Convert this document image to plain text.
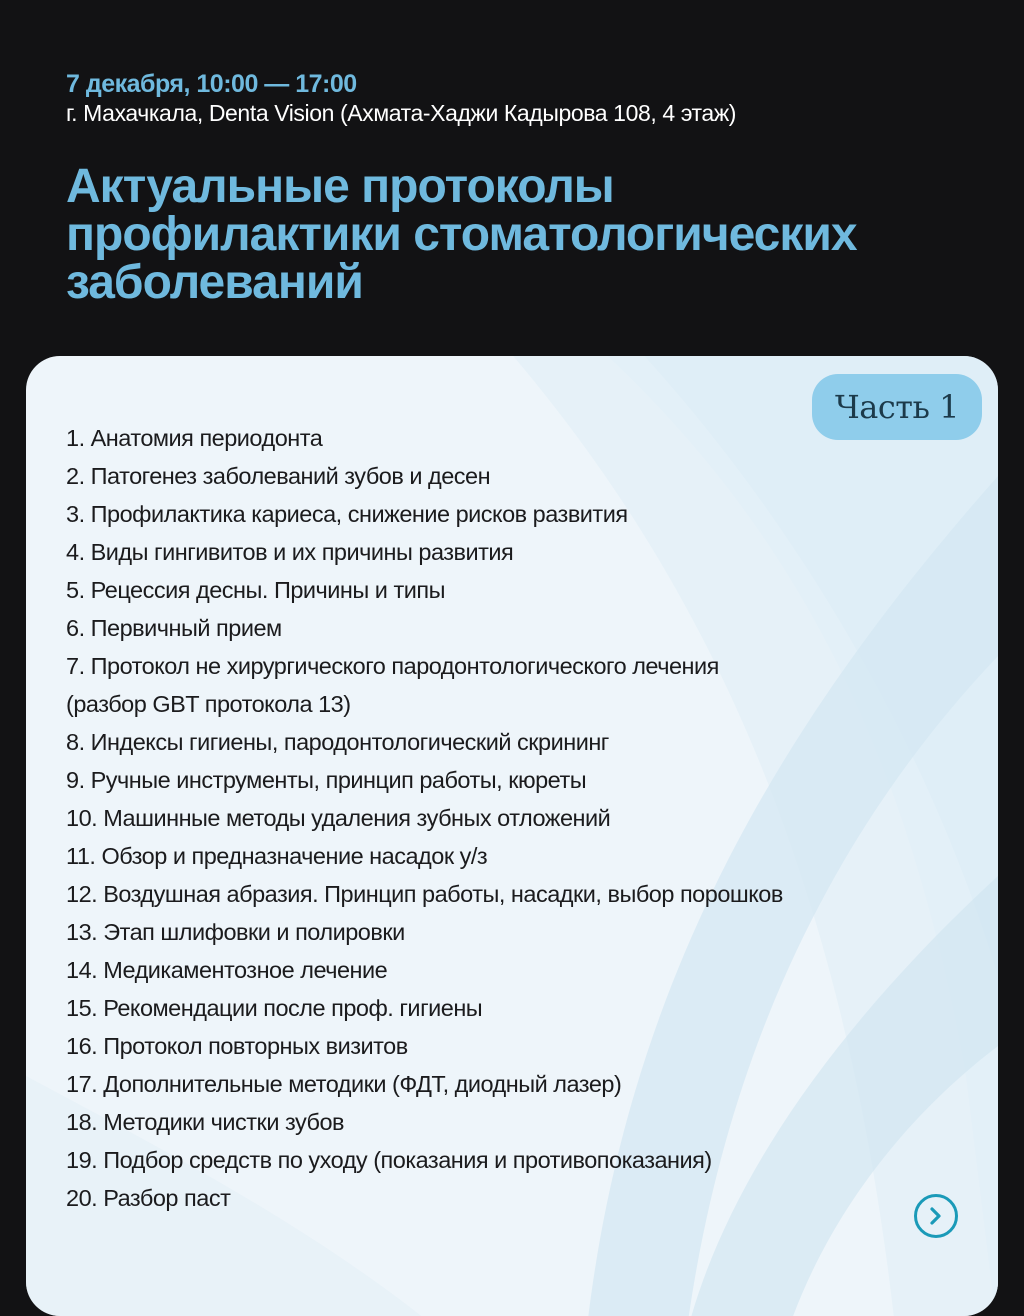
7 декабря, 10:00 — 17:00
г. Махачкала, Denta Vision (Ахмата-Хаджи Кадырова 108, 4 этаж)
Актуальные протоколы
профилактики стоматологических
заболеваний
Часть 1
1. Анатомия периодонта
2. Патогенез заболеваний зубов и десен
3. Профилактика кариеса, снижение рисков развития
4. Виды гингивитов и их причины развития
5. Рецессия десны. Причины и типы
6. Первичный прием
7. Протокол не хирургического пародонтологического лечения
(разбор GBT протокола 13)
8. Индексы гигиены, пародонтологический скрининг
9. Ручные инструменты, принцип работы, кюреты
10. Машинные методы удаления зубных отложений
11. Обзор и предназначение насадок у/з
12. Воздушная абразия. Принцип работы, насадки, выбор порошков
13. Этап шлифовки и полировки
14. Медикаментозное лечение
15. Рекомендации после проф. гигиены
16. Протокол повторных визитов
17. Дополнительные методики (ФДТ, диодный лазер)
18. Методики чистки зубов
19. Подбор средств по уходу (показания и противопоказания)
20. Разбор паст
